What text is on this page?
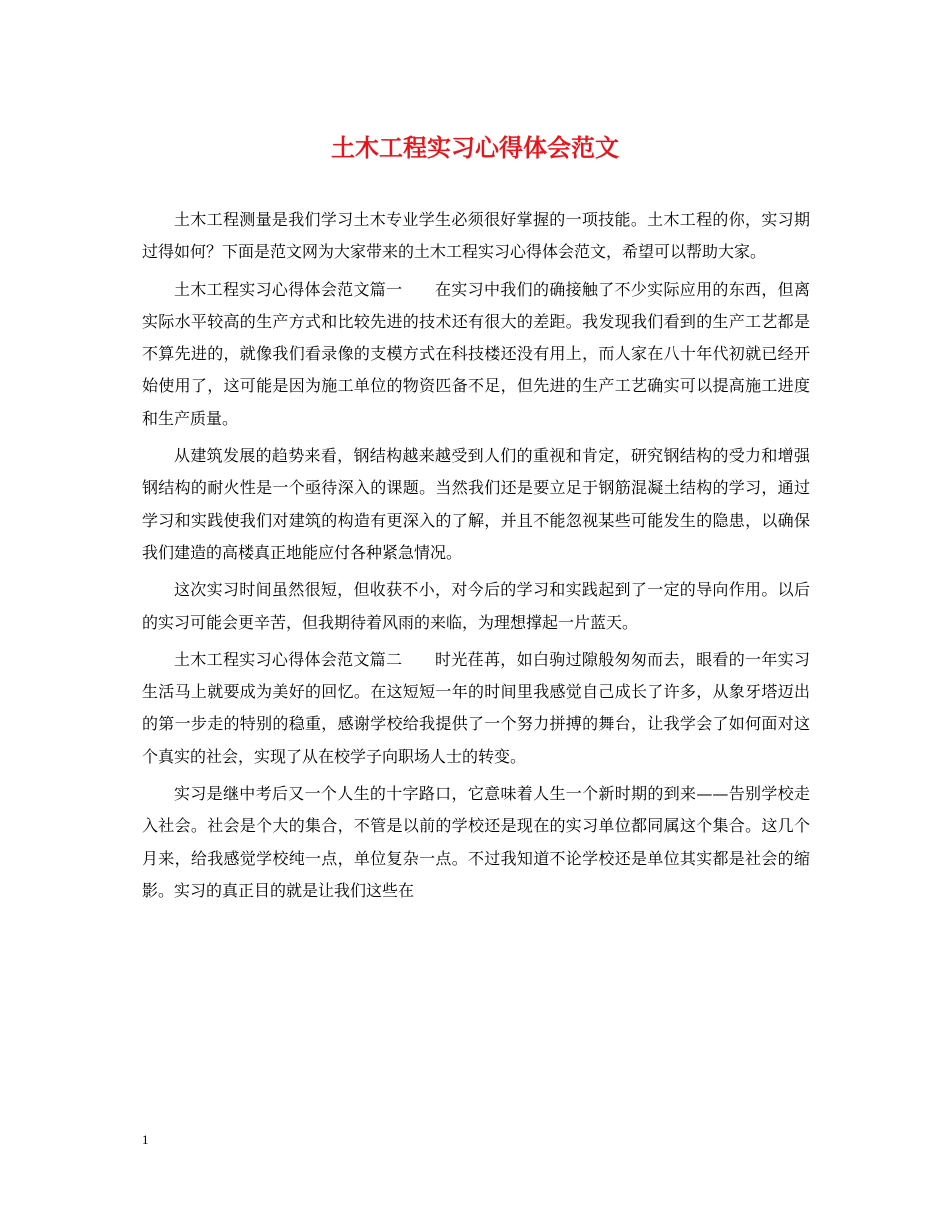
土木工程实习心得体会范文

土木工程测量是我们学习土木专业学生必须很好掌握的一项技能。土木工程的你，实习期过得如何？下面是范文网为大家带来的土木工程实习心得体会范文，希望可以帮助大家。

土木工程实习心得体会范文篇一　　在实习中我们的确接触了不少实际应用的东西，但离实际水平较高的生产方式和比较先进的技术还有很大的差距。我发现我们看到的生产工艺都是不算先进的，就像我们看录像的支模方式在科技楼还没有用上，而人家在八十年代初就已经开始使用了，这可能是因为施工单位的物资匹备不足，但先进的生产工艺确实可以提高施工进度和生产质量。

从建筑发展的趋势来看，钢结构越来越受到人们的重视和肯定，研究钢结构的受力和增强钢结构的耐火性是一个亟待深入的课题。当然我们还是要立足于钢筋混凝土结构的学习，通过学习和实践使我们对建筑的构造有更深入的了解，并且不能忽视某些可能发生的隐患，以确保我们建造的高楼真正地能应付各种紧急情况。

这次实习时间虽然很短，但收获不小，对今后的学习和实践起到了一定的导向作用。以后的实习可能会更辛苦，但我期待着风雨的来临，为理想撑起一片蓝天。

土木工程实习心得体会范文篇二　　时光荏苒，如白驹过隙般匆匆而去，眼看的一年实习生活马上就要成为美好的回忆。在这短短一年的时间里我感觉自己成长了许多，从象牙塔迈出的第一步走的特别的稳重，感谢学校给我提供了一个努力拼搏的舞台，让我学会了如何面对这个真实的社会，实现了从在校学子向职场人士的转变。

实习是继中考后又一个人生的十字路口，它意味着人生一个新时期的到来——告别学校走入社会。社会是个大的集合，不管是以前的学校还是现在的实习单位都同属这个集合。这几个月来，给我感觉学校纯一点，单位复杂一点。不过我知道不论学校还是单位其实都是社会的缩影。实习的真正目的就是让我们这些在

1
